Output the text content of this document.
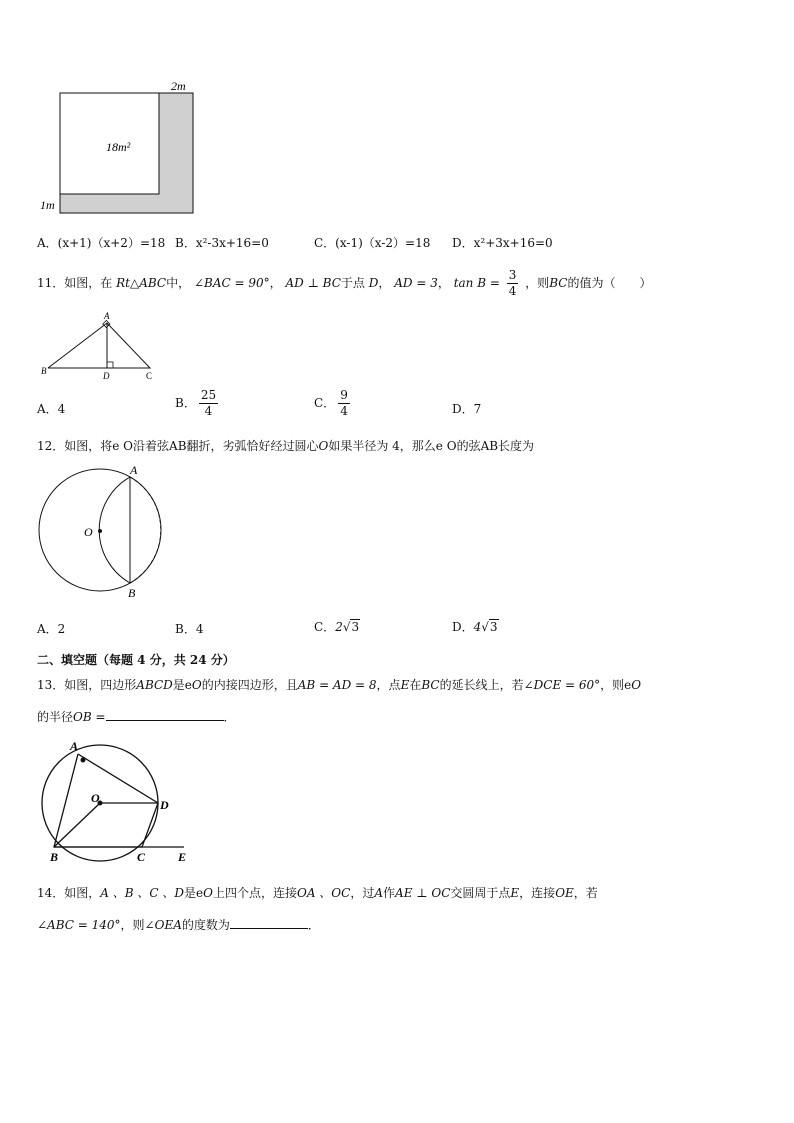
2m
18m²
1m
A．(x+1)（x+2）=18 B．x²-3x+16=0	C．(x-1)（x-2）=18 D．x²+3x+16=0
11．如图，在 Rt△ABC中， ∠BAC = 90°， AD ⊥ BC于点 D， AD = 3， $\tan B = \frac{3}{4}$ ，则BC的值为（　　）
A
B	D	C
A．4	B． $\frac{25}{4}$	C． $\frac{9}{4}$	D．7
12．如图，将e O沿着弦AB翻折，劣弧恰好经过圆心O如果半径为 4，那么e O的弦AB长度为
O
A
B
A．2	B．4	C．2√3	D．4√3
二、填空题（每题 4 分，共 24 分）
13．如图，四边形ABCD是eO的内接四边形，且AB = AD = 8，点E在BC的延长线上，若∠DCE = 60°，则eO
的半径OB =	．
A
O	D
B	C	E
14．如图，A 、B 、C 、D是eO上四个点，连接OA 、OC，过A作AE ⊥ OC交圆周于点E，连接OE，若
∠ABC = 140°，则∠OEA的度数为	．
